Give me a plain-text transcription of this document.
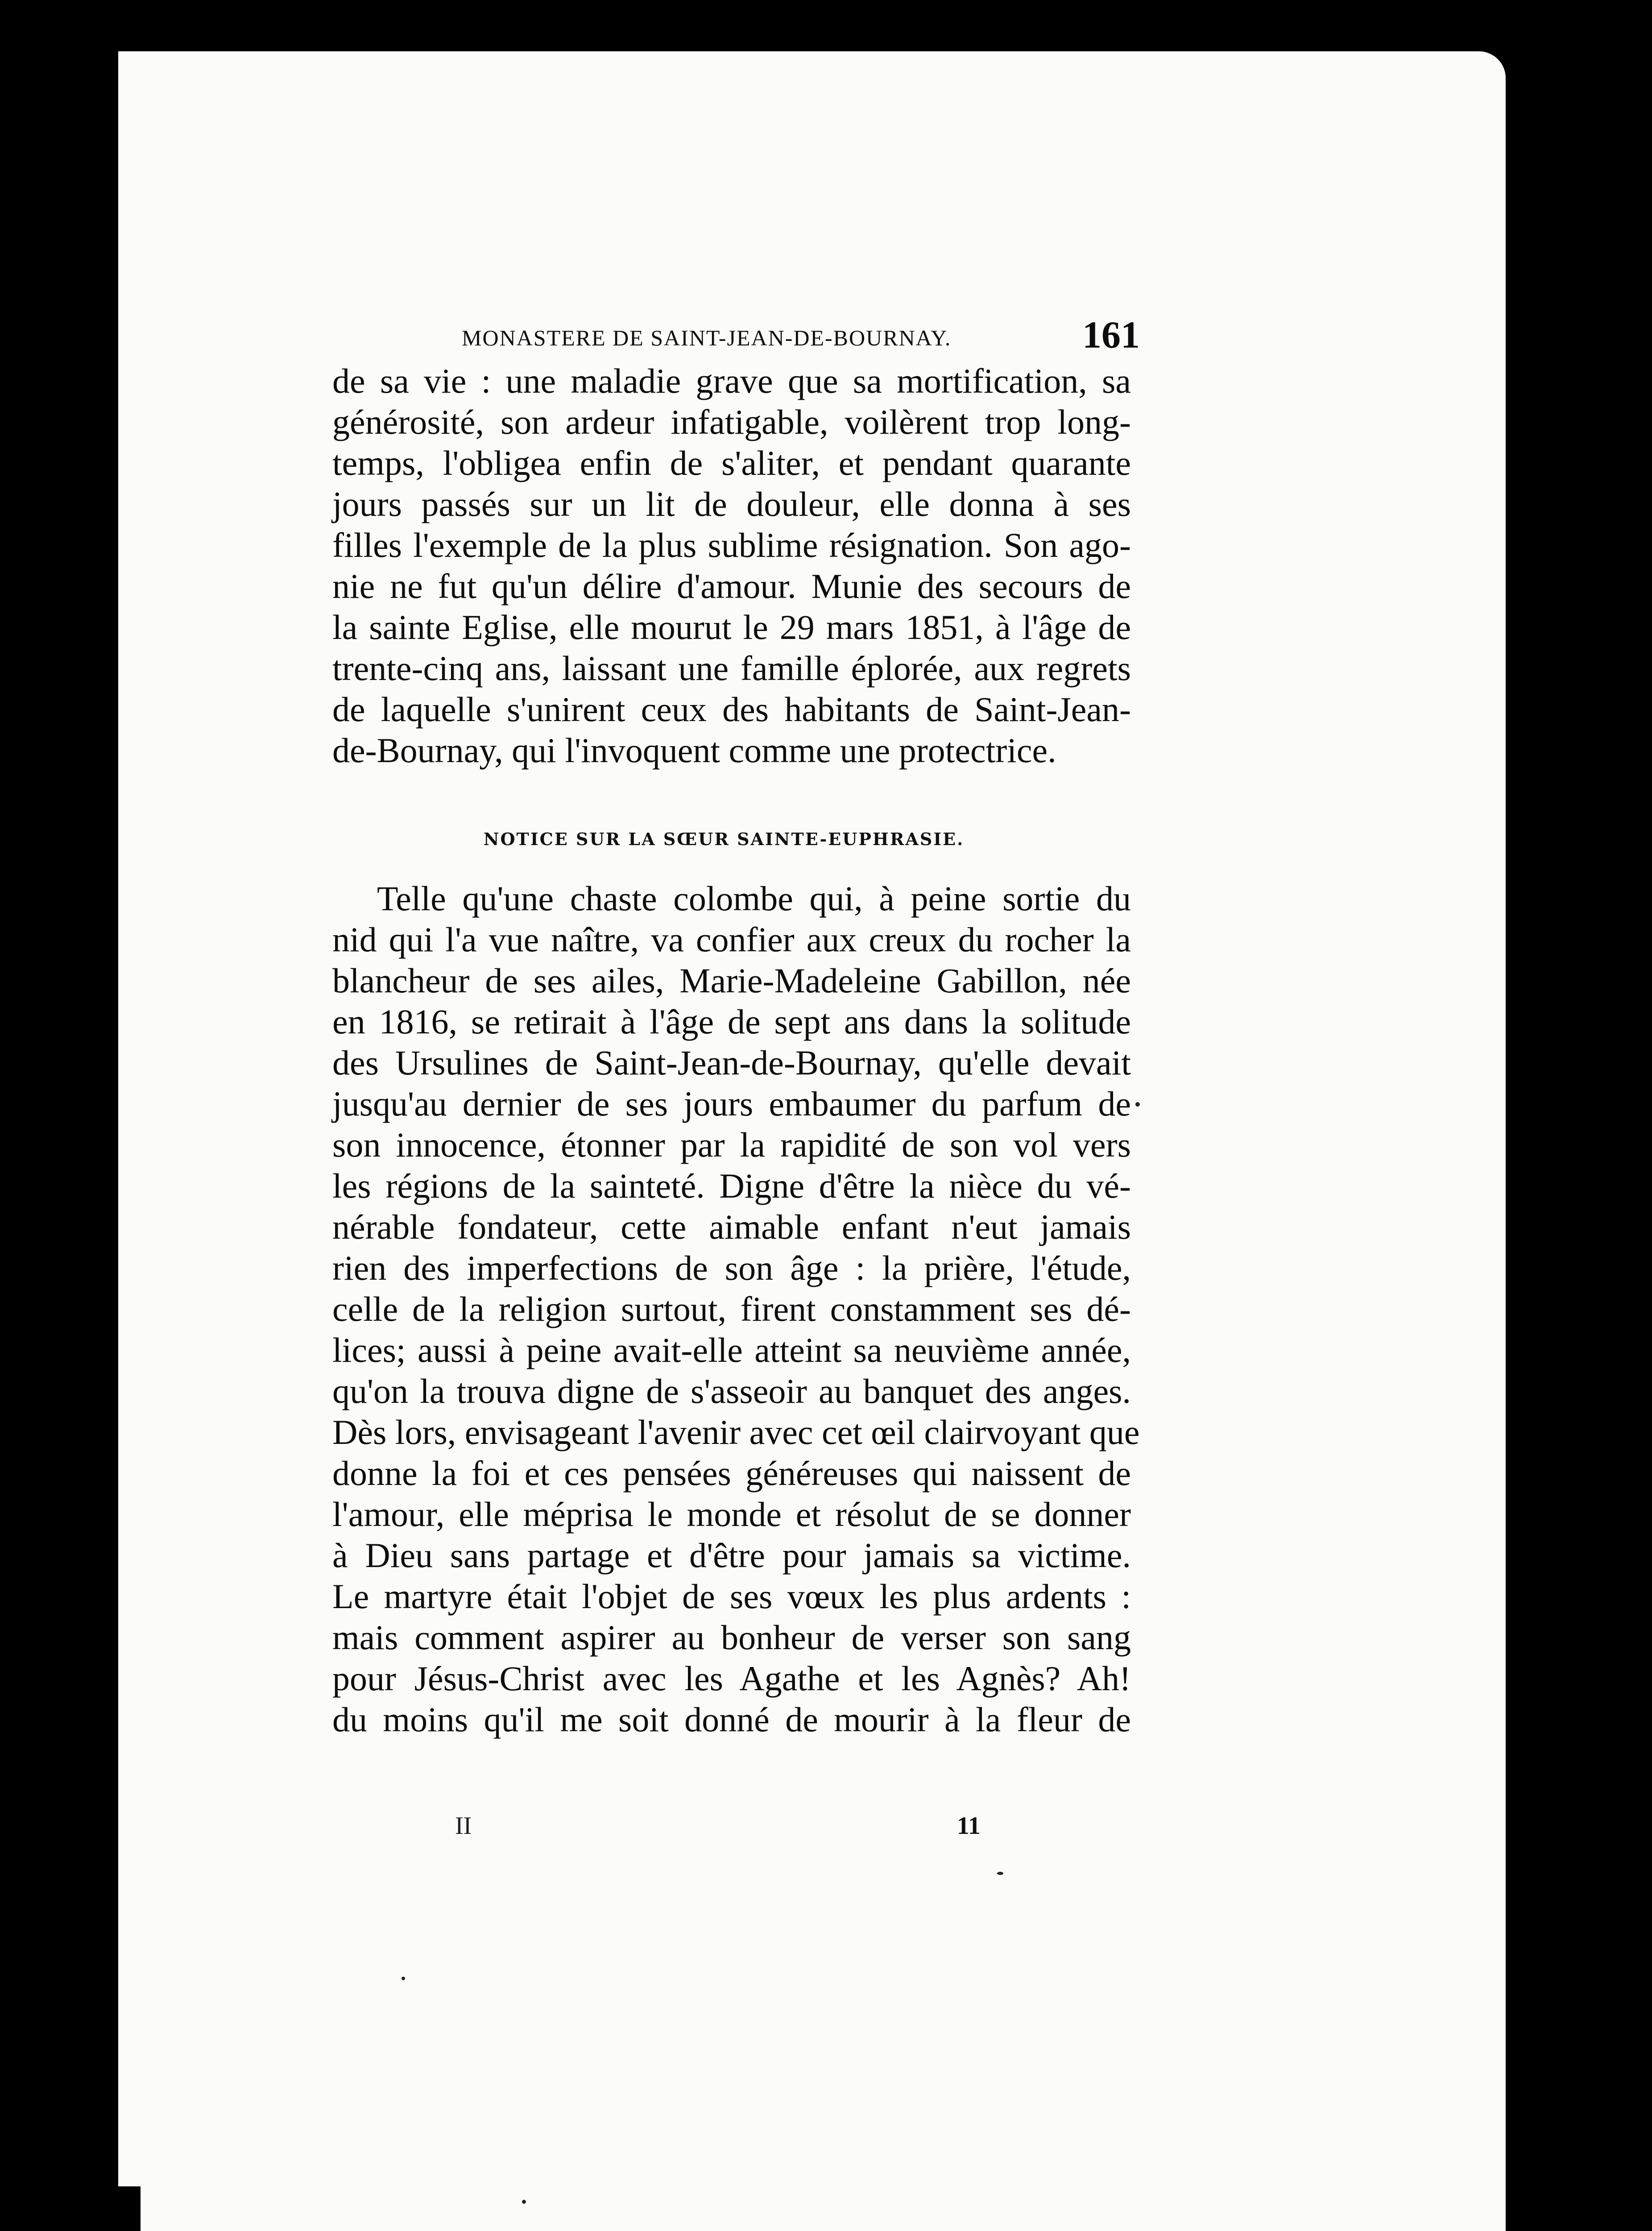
MONASTERE DE SAINT-JEAN-DE-BOURNAY.	161
de sa vie : une maladie grave que sa mortification, sa
générosité, son ardeur infatigable, voilèrent trop long-
temps, l'obligea enfin de s'aliter, et pendant quarante
jours passés sur un lit de douleur, elle donna à ses
filles l'exemple de la plus sublime résignation. Son ago-
nie ne fut qu'un délire d'amour. Munie des secours de
la sainte Eglise, elle mourut le 29 mars 1851, à l'âge de
trente-cinq ans, laissant une famille éplorée, aux regrets
de laquelle s'unirent ceux des habitants de Saint-Jean-
de-Bournay, qui l'invoquent comme une protectrice.
NOTICE SUR LA SŒUR SAINTE-EUPHRASIE.
Telle qu'une chaste colombe qui, à peine sortie du
nid qui l'a vue naître, va confier aux creux du rocher la
blancheur de ses ailes, Marie-Madeleine Gabillon, née
en 1816, se retirait à l'âge de sept ans dans la solitude
des Ursulines de Saint-Jean-de-Bournay, qu'elle devait
jusqu'au dernier de ses jours embaumer du parfum de
son innocence, étonner par la rapidité de son vol vers
les régions de la sainteté. Digne d'être la nièce du vé-
nérable fondateur, cette aimable enfant n'eut jamais
rien des imperfections de son âge : la prière, l'étude,
celle de la religion surtout, firent constamment ses dé-
lices; aussi à peine avait-elle atteint sa neuvième année,
qu'on la trouva digne de s'asseoir au banquet des anges.
Dès lors, envisageant l'avenir avec cet œil clairvoyant que
donne la foi et ces pensées généreuses qui naissent de
l'amour, elle méprisa le monde et résolut de se donner
à Dieu sans partage et d'être pour jamais sa victime.
Le martyre était l'objet de ses vœux les plus ardents :
mais comment aspirer au bonheur de verser son sang
pour Jésus-Christ avec les Agathe et les Agnès? Ah!
du moins qu'il me soit donné de mourir à la fleur de
II	11
